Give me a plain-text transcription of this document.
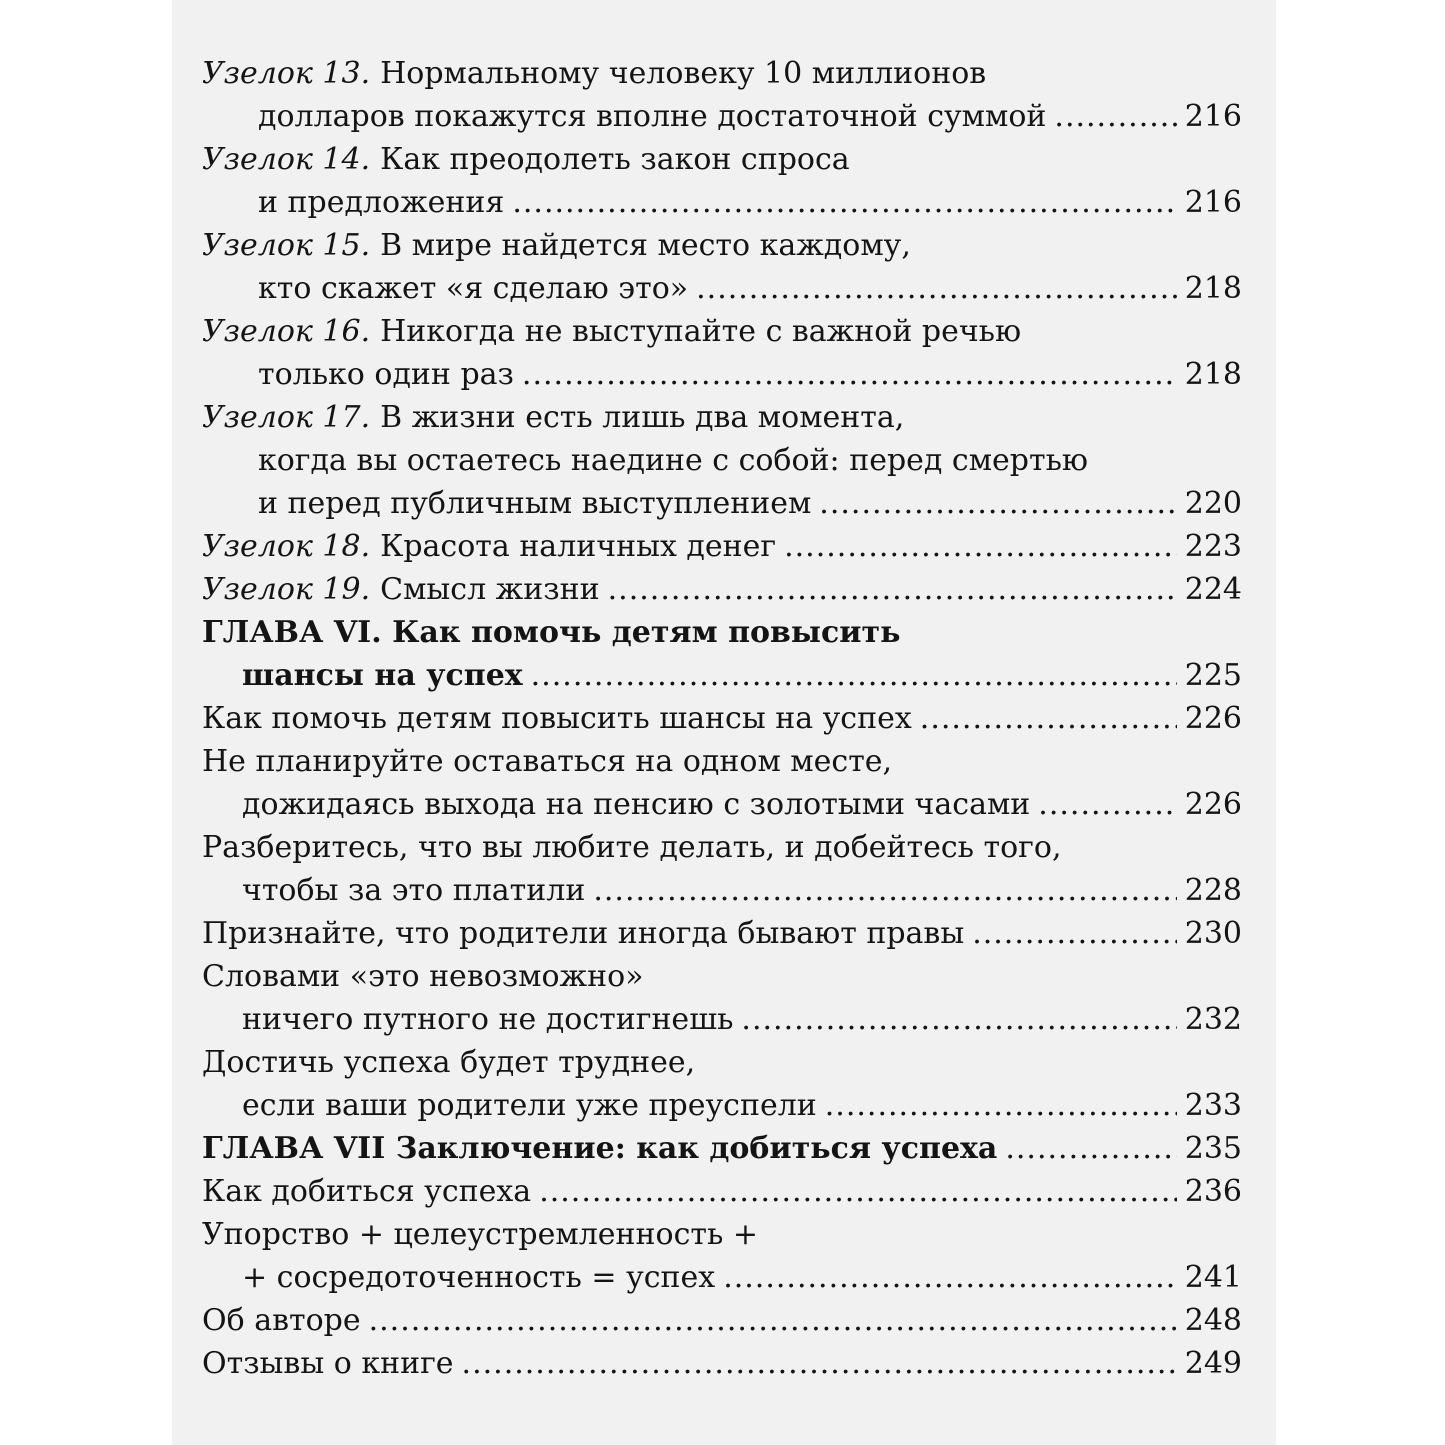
Узелок 13. Нормальному человеку 10 миллионов
долларов покажутся вполне достаточной суммой .....	216
Узелок 14. Как преодолеть закон спроса
и предложения .....	216
Узелок 15. В мире найдется место каждому,
кто скажет «я сделаю это» .....	218
Узелок 16. Никогда не выступайте с важной речью
только один раз .....	218
Узелок 17. В жизни есть лишь два момента,
когда вы остаетесь наедине с собой: перед смертью
и перед публичным выступлением .....	220
Узелок 18. Красота наличных денег .....	223
Узелок 19. Смысл жизни .....	224
ГЛАВА VI. Как помочь детям повысить
шансы на успех .....	225
Как помочь детям повысить шансы на успех .....	226
Не планируйте оставаться на одном месте,
дожидаясь выхода на пенсию с золотыми часами .....	226
Разберитесь, что вы любите делать, и добейтесь того,
чтобы за это платили .....	228
Признайте, что родители иногда бывают правы .....	230
Словами «это невозможно»
ничего путного не достигнешь .....	232
Достичь успеха будет труднее,
если ваши родители уже преуспели .....	233
ГЛАВА VII Заключение: как добиться успеха .....	235
Как добиться успеха .....	236
Упорство + целеустремленность +
+ сосредоточенность = успех .....	241
Об авторе .....	248
Отзывы о книге .....	249
